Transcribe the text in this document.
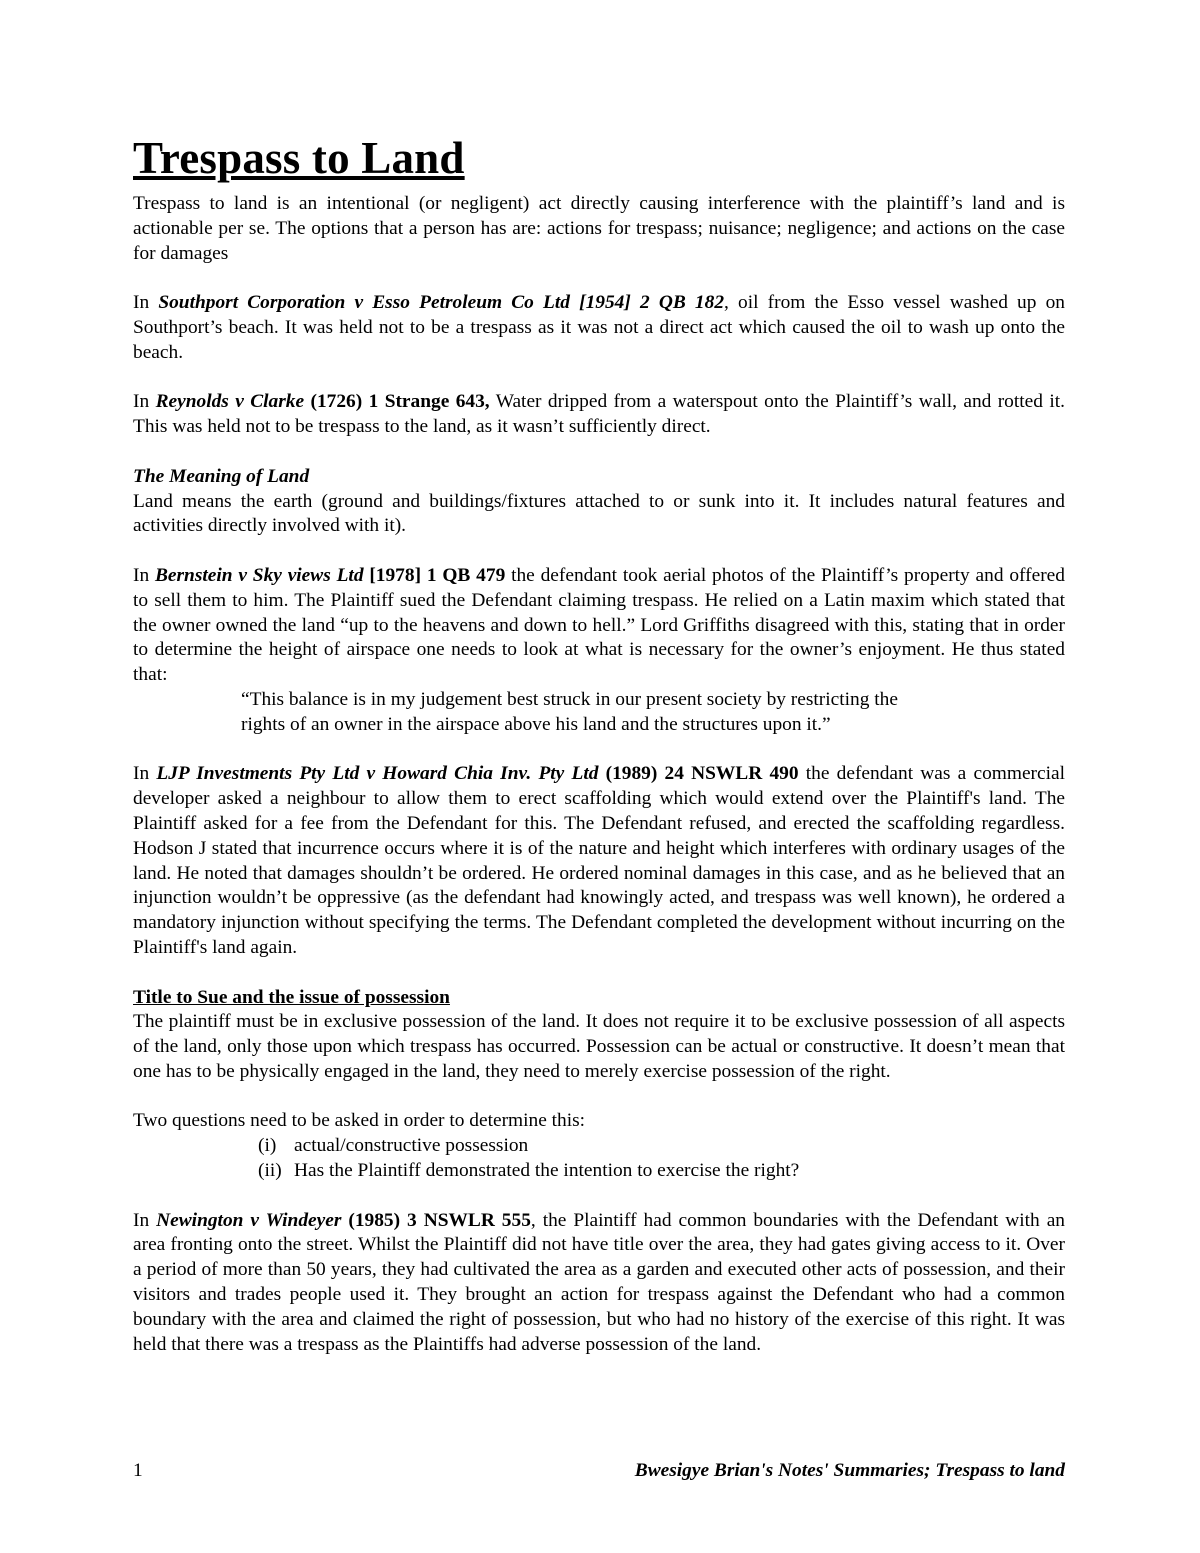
Trespass to Land

Trespass to land is an intentional (or negligent) act directly causing interference with the plaintiff’s land and is actionable per se. The options that a person has are: actions for trespass; nuisance; negligence; and actions on the case for damages

In Southport Corporation v Esso Petroleum Co Ltd [1954] 2 QB 182, oil from the Esso vessel washed up on Southport’s beach. It was held not to be a trespass as it was not a direct act which caused the oil to wash up onto the beach.

In Reynolds v Clarke (1726) 1 Strange 643, Water dripped from a waterspout onto the Plaintiff’s wall, and rotted it. This was held not to be trespass to the land, as it wasn’t sufficiently direct.

The Meaning of Land

Land means the earth (ground and buildings/fixtures attached to or sunk into it. It includes natural features and activities directly involved with it).

In Bernstein v Sky views Ltd [1978] 1 QB 479 the defendant took aerial photos of the Plaintiff’s property and offered to sell them to him. The Plaintiff sued the Defendant claiming trespass. He relied on a Latin maxim which stated that the owner owned the land “up to the heavens and down to hell.” Lord Griffiths disagreed with this, stating that in order to determine the height of airspace one needs to look at what is necessary for the owner’s enjoyment. He thus stated that:

“This balance is in my judgement best struck in our present society by restricting the

rights of an owner in the airspace above his land and the structures upon it.”

In LJP Investments Pty Ltd v Howard Chia Inv. Pty Ltd (1989) 24 NSWLR 490 the defendant was a commercial developer asked a neighbour to allow them to erect scaffolding which would extend over the Plaintiff's land. The Plaintiff asked for a fee from the Defendant for this. The Defendant refused, and erected the scaffolding regardless. Hodson J stated that incurrence occurs where it is of the nature and height which interferes with ordinary usages of the land. He noted that damages shouldn’t be ordered. He ordered nominal damages in this case, and as he believed that an injunction wouldn’t be oppressive (as the defendant had knowingly acted, and trespass was well known), he ordered a mandatory injunction without specifying the terms. The Defendant completed the development without incurring on the Plaintiff's land again.

Title to Sue and the issue of possession

The plaintiff must be in exclusive possession of the land. It does not require it to be exclusive possession of all aspects of the land, only those upon which trespass has occurred. Possession can be actual or constructive. It doesn’t mean that one has to be physically engaged in the land, they need to merely exercise possession of the right.

Two questions need to be asked in order to determine this:

(i) actual/constructive possession
(ii) Has the Plaintiff demonstrated the intention to exercise the right?

In Newington v Windeyer (1985) 3 NSWLR 555, the Plaintiff had common boundaries with the Defendant with an area fronting onto the street. Whilst the Plaintiff did not have title over the area, they had gates giving access to it. Over a period of more than 50 years, they had cultivated the area as a garden and executed other acts of possession, and their visitors and trades people used it. They brought an action for trespass against the Defendant who had a common boundary with the area and claimed the right of possession, but who had no history of the exercise of this right. It was held that there was a trespass as the Plaintiffs had adverse possession of the land.

1	Bwesigye Brian's Notes' Summaries; Trespass to land
